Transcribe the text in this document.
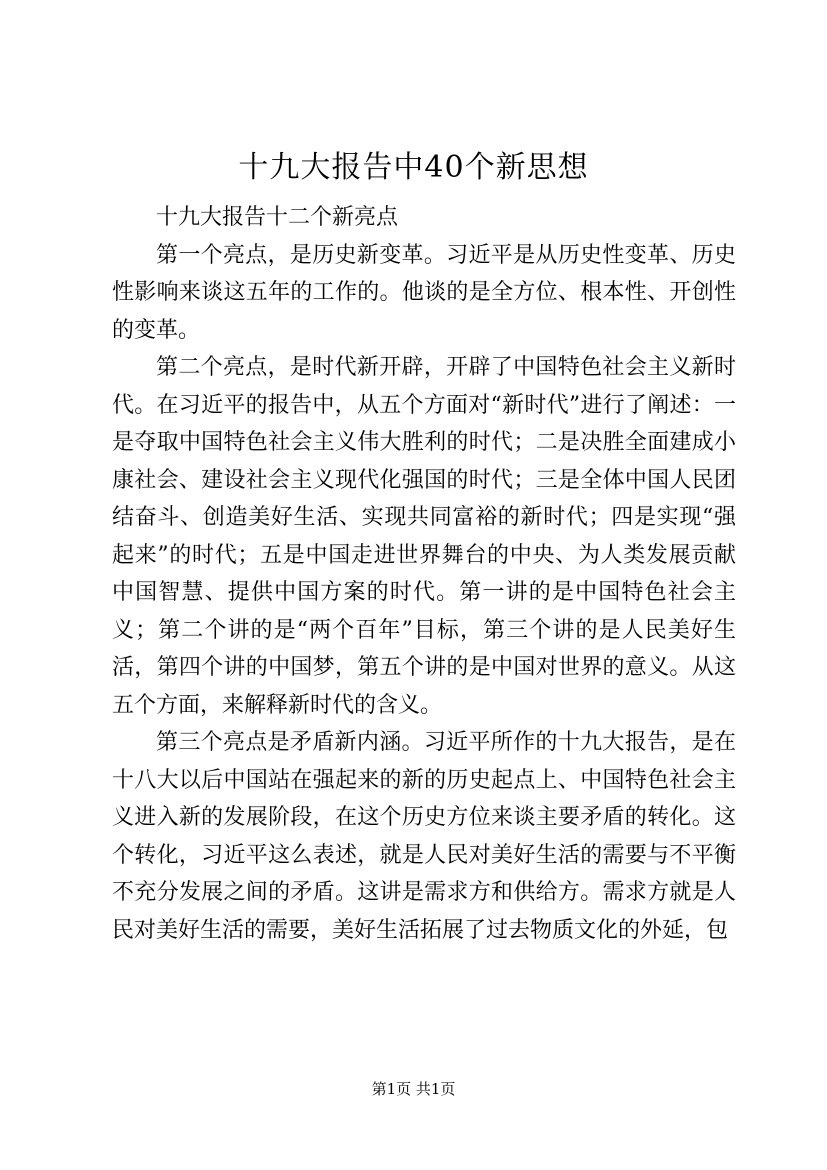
十九大报告中40个新思想

十九大报告十二个新亮点

第一个亮点，是历史新变革。习近平是从历史性变革、历史性影响来谈这五年的工作的。他谈的是全方位、根本性、开创性的变革。

第二个亮点，是时代新开辟，开辟了中国特色社会主义新时代。在习近平的报告中，从五个方面对“新时代”进行了阐述：一是夺取中国特色社会主义伟大胜利的时代；二是决胜全面建成小康社会、建设社会主义现代化强国的时代；三是全体中国人民团结奋斗、创造美好生活、实现共同富裕的新时代；四是实现“强起来”的时代；五是中国走进世界舞台的中央、为人类发展贡献中国智慧、提供中国方案的时代。第一讲的是中国特色社会主义；第二个讲的是“两个百年”目标，第三个讲的是人民美好生活，第四个讲的中国梦，第五个讲的是中国对世界的意义。从这五个方面，来解释新时代的含义。

第三个亮点是矛盾新内涵。习近平所作的十九大报告，是在十八大以后中国站在强起来的新的历史起点上、中国特色社会主义进入新的发展阶段，在这个历史方位来谈主要矛盾的转化。这个转化，习近平这么表述，就是人民对美好生活的需要与不平衡不充分发展之间的矛盾。这讲是需求方和供给方。需求方就是人民对美好生活的需要，美好生活拓展了过去物质文化的外延，包

第1页 共1页
